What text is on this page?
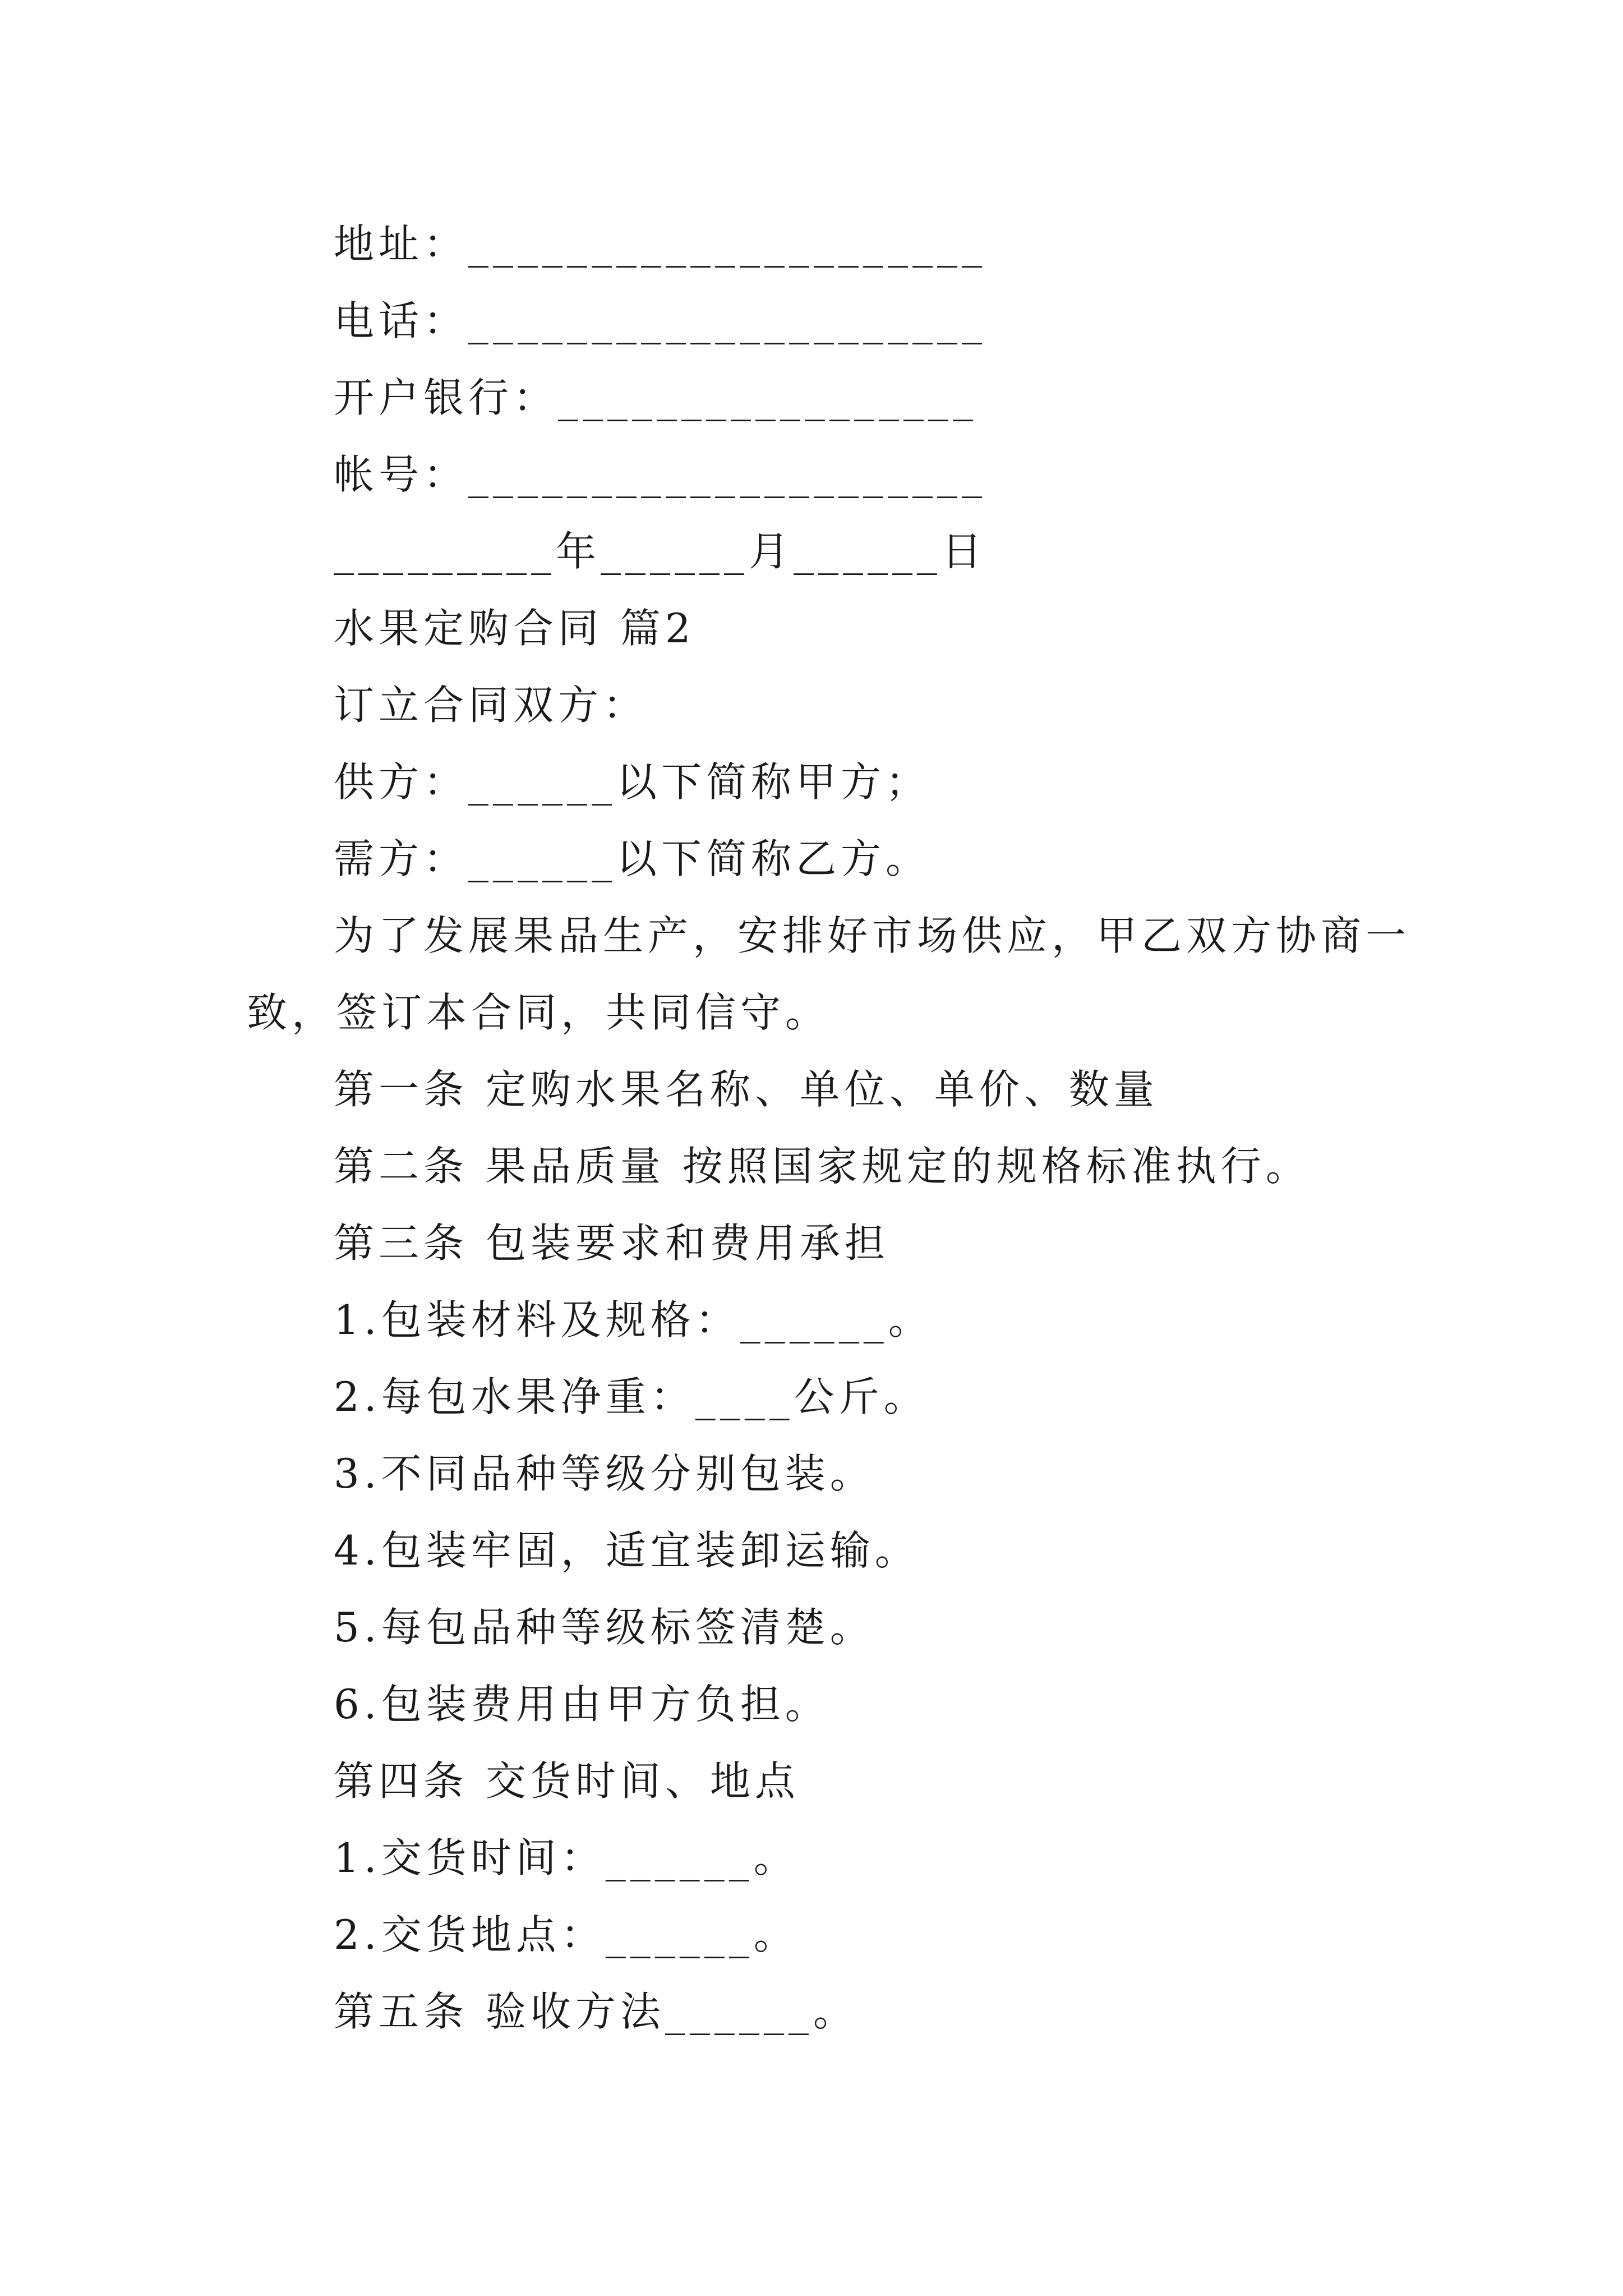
地址：_____________________
电话：_____________________
开户银行：_________________
帐号：_____________________
_________年______月______日
水果定购合同 篇2
订立合同双方：
供方：______以下简称甲方；
需方：______以下简称乙方。
为了发展果品生产，安排好市场供应，甲乙双方协商一
致，签订本合同，共同信守。
第一条 定购水果名称、单位、单价、数量
第二条 果品质量 按照国家规定的规格标准执行。
第三条 包装要求和费用承担
1.包装材料及规格：______。
2.每包水果净重：____公斤。
3.不同品种等级分别包装。
4.包装牢固，适宜装卸运输。
5.每包品种等级标签清楚。
6.包装费用由甲方负担。
第四条 交货时间、地点
1.交货时间：______。
2.交货地点：______。
第五条 验收方法______。
